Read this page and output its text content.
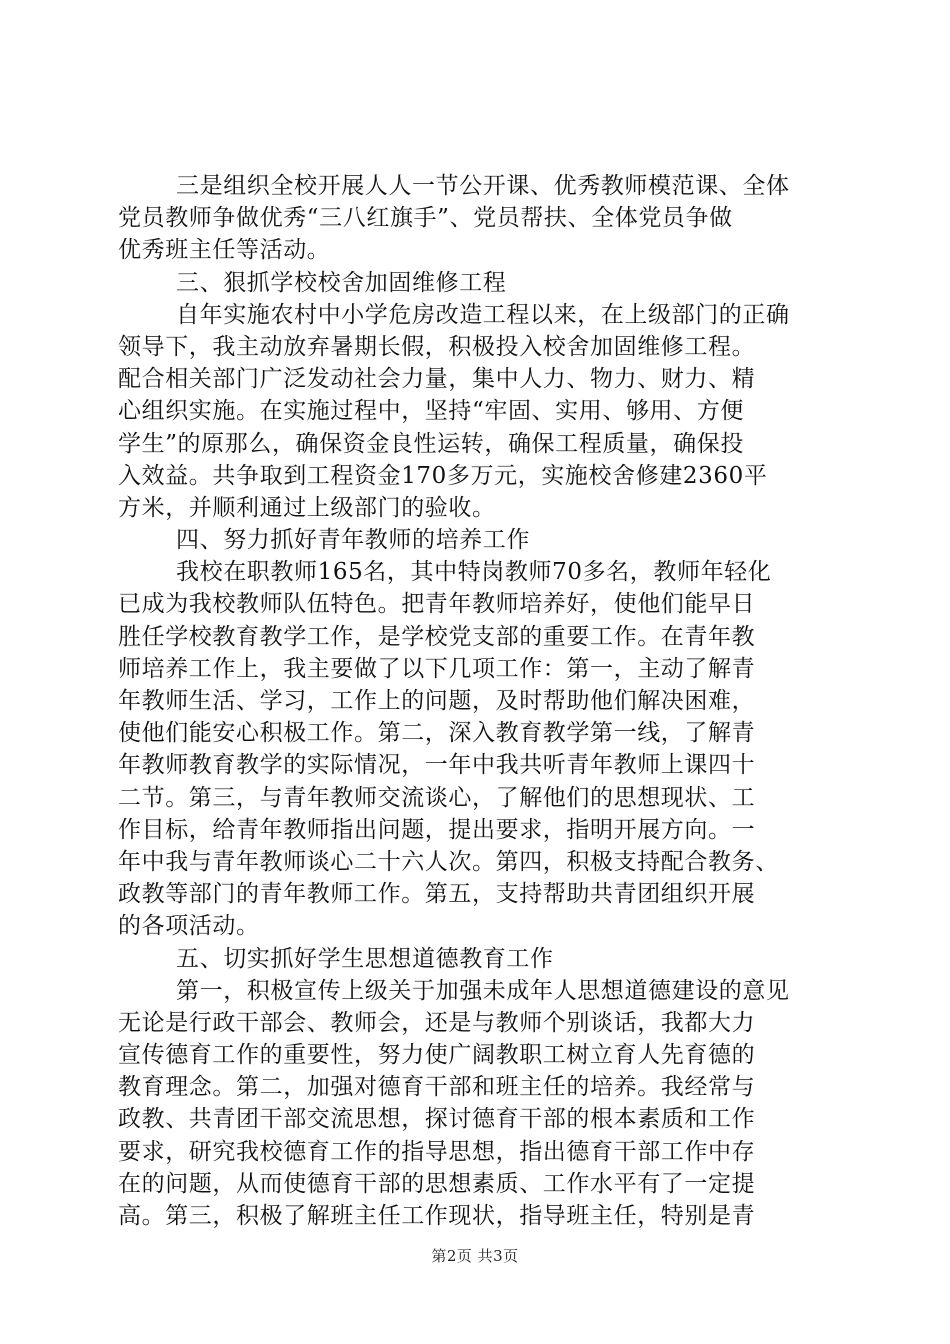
三是组织全校开展人人一节公开课、优秀教师模范课、全体
党员教师争做优秀“三八红旗手”、党员帮扶、全体党员争做
优秀班主任等活动。
三、狠抓学校校舍加固维修工程
自年实施农村中小学危房改造工程以来，在上级部门的正确
领导下，我主动放弃暑期长假，积极投入校舍加固维修工程。
配合相关部门广泛发动社会力量，集中人力、物力、财力、精
心组织实施。在实施过程中，坚持“牢固、实用、够用、方便
学生”的原那么，确保资金良性运转，确保工程质量，确保投
入效益。共争取到工程资金170多万元，实施校舍修建2360平
方米，并顺利通过上级部门的验收。
四、努力抓好青年教师的培养工作
我校在职教师165名，其中特岗教师70多名，教师年轻化
已成为我校教师队伍特色。把青年教师培养好，使他们能早日
胜任学校教育教学工作，是学校党支部的重要工作。在青年教
师培养工作上，我主要做了以下几项工作：第一，主动了解青
年教师生活、学习，工作上的问题，及时帮助他们解决困难，
使他们能安心积极工作。第二，深入教育教学第一线，了解青
年教师教育教学的实际情况，一年中我共听青年教师上课四十
二节。第三，与青年教师交流谈心，了解他们的思想现状、工
作目标，给青年教师指出问题，提出要求，指明开展方向。一
年中我与青年教师谈心二十六人次。第四，积极支持配合教务、
政教等部门的青年教师工作。第五，支持帮助共青团组织开展
的各项活动。
五、切实抓好学生思想道德教育工作
第一，积极宣传上级关于加强未成年人思想道德建设的意见
无论是行政干部会、教师会，还是与教师个别谈话，我都大力
宣传德育工作的重要性，努力使广阔教职工树立育人先育德的
教育理念。第二，加强对德育干部和班主任的培养。我经常与
政教、共青团干部交流思想，探讨德育干部的根本素质和工作
要求，研究我校德育工作的指导思想，指出德育干部工作中存
在的问题，从而使德育干部的思想素质、工作水平有了一定提
高。第三，积极了解班主任工作现状，指导班主任，特别是青
第2页 共3页
